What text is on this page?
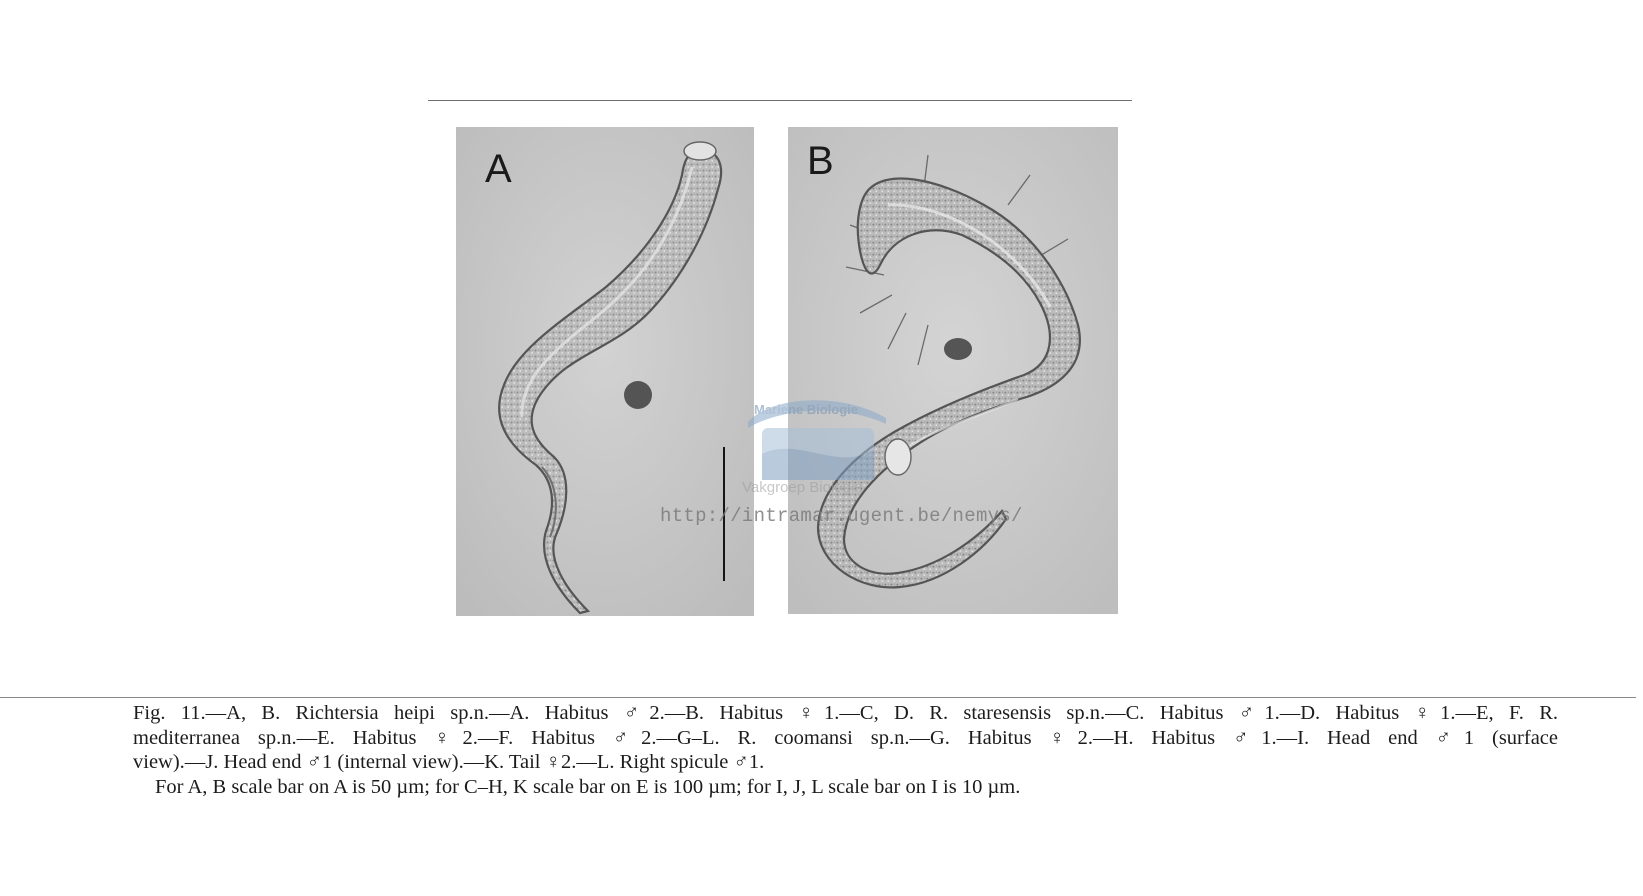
A	B
Mariene Biologie
Vakgroep Biologie
http://intramar.ugent.be/nemys/

Fig. 11.—A, B. Richtersia heipi sp.n.—A. Habitus ♂2.—B. Habitus ♀1.—C, D. R. staresensis sp.n.—C. Habitus ♂1.—D. Habitus ♀1.—E, F. R.
mediterranea sp.n.—E. Habitus ♀2.—F. Habitus ♂2.—G–L. R. coomansi sp.n.—G. Habitus ♀2.—H. Habitus ♂1.—I. Head end ♂1 (surface
view).—J. Head end ♂1 (internal view).—K. Tail ♀2.—L. Right spicule ♂1.

For A, B scale bar on A is 50 µm; for C–H, K scale bar on E is 100 µm; for I, J, L scale bar on I is 10 µm.
